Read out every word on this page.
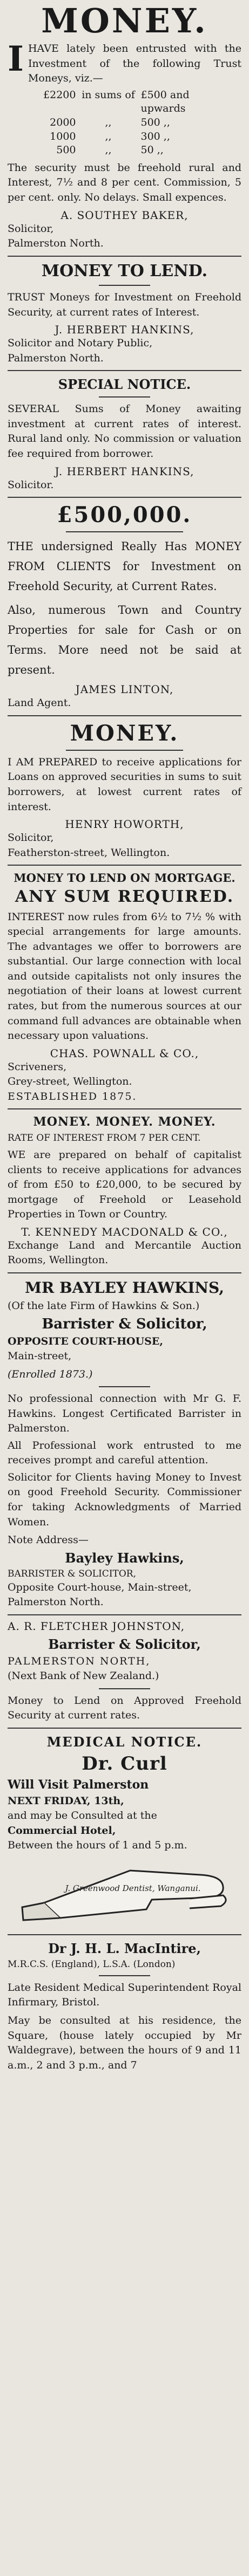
MONEY.

I HAVE lately been entrusted with the Investment of the following Trust Moneys, viz.—

£2200 in sums of £500 and upwards
2000	,,	500 ,,
1000	,,	300 ,,
500	,,	50 ,,

The security must be freehold rural and Interest, 7½ and 8 per cent. Commission, 5 per cent. only. No delays. Small expences.

A. SOUTHEY BAKER,

Solicitor,

Palmerston North.

MONEY TO LEND.

TRUST Moneys for Investment on Freehold Security, at current rates of Interest.

J. HERBERT HANKINS,

Solicitor and Notary Public,

Palmerston North.

SPECIAL NOTICE.

SEVERAL Sums of Money awaiting investment at current rates of interest. Rural land only. No commission or valuation fee required from borrower.

J. HERBERT HANKINS,

Solicitor.

£500,000.

THE undersigned Really Has MONEY FROM CLIENTS for Investment on Freehold Security, at Current Rates.

Also, numerous Town and Country Properties for sale for Cash or on Terms. More need not be said at present.

JAMES LINTON,

Land Agent.

MONEY.

I AM PREPARED to receive applications for Loans on approved securities in sums to suit borrowers, at lowest current rates of interest.

HENRY HOWORTH,

Solicitor,

Featherston-street, Wellington.

MONEY TO LEND ON MORTGAGE.
ANY SUM REQUIRED.

INTEREST now rules from 6½ to 7½ % with special arrangements for large amounts. The advantages we offer to borrowers are substantial. Our large connection with local and outside capitalists not only insures the negotiation of their loans at lowest current rates, but from the numerous sources at our command full advances are obtainable when necessary upon valuations.

CHAS. POWNALL & CO.,

Scriveners,

Grey-street, Wellington.

ESTABLISHED 1875.

MONEY. MONEY. MONEY.

RATE OF INTEREST FROM 7 PER CENT.

WE are prepared on behalf of capitalist clients to receive applications for advances of from £50 to £20,000, to be secured by mortgage of Freehold or Leasehold Properties in Town or Country.

T. KENNEDY MACDONALD & CO.,

Exchange Land and Mercantile Auction Rooms, Wellington.

MR BAYLEY HAWKINS,

(Of the late Firm of Hawkins & Son.)

Barrister & Solicitor,

OPPOSITE COURT-HOUSE,

Main-street,

(Enrolled 1873.)

No professional connection with Mr G. F. Hawkins. Longest Certificated Barrister in Palmerston.

All Professional work entrusted to me receives prompt and careful attention.

Solicitor for Clients having Money to Invest on good Freehold Security. Commissioner for taking Acknowledgments of Married Women.

Note Address—

Bayley Hawkins,

BARRISTER & SOLICITOR,

Opposite Court-house, Main-street,

Palmerston North.

A. R. FLETCHER JOHNSTON,

Barrister & Solicitor,

PALMERSTON NORTH,

(Next Bank of New Zealand.)

Money to Lend on Approved Freehold Security at current rates.

MEDICAL NOTICE.

Dr. Curl

Will Visit Palmerston

NEXT FRIDAY, 13th,

and may be Consulted at the

Commercial Hotel,

Between the hours of 1 and 5 p.m.

J. Greenwood Dentist, Wanganui.

Dr J. H. L. MacIntire,

M.R.C.S. (England), L.S.A. (London)

Late Resident Medical Superintendent Royal Infirmary, Bristol.

May be consulted at his residence, the Square, (house lately occupied by Mr Waldegrave), between the hours of 9 and 11 a.m., 2 and 3 p.m., and 7
